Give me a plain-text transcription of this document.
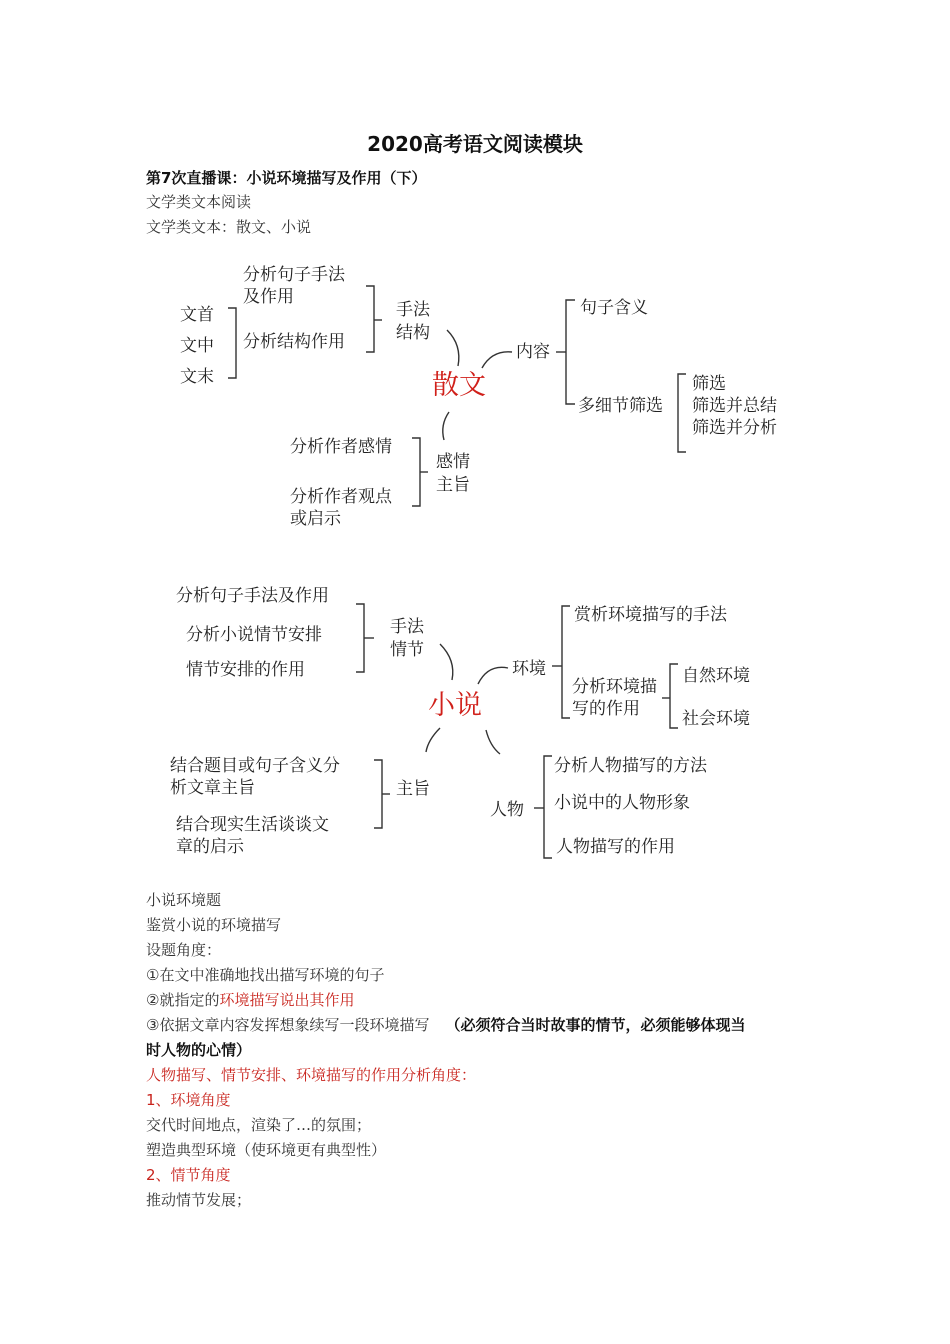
2020高考语文阅读模块
第7次直播课：小说环境描写及作用（下）
文学类文本阅读
文学类文本：散文、小说
文首
文中
文末
分析句子手法
及作用
分析结构作用
手法
结构
散文
内容
句子含义
多细节筛选
筛选
筛选并总结
筛选并分析
分析作者感情
分析作者观点
或启示
感情
主旨
分析句子手法及作用
分析小说情节安排
情节安排的作用
手法
情节
小说
环境
赏析环境描写的手法
分析环境描
写的作用
自然环境
社会环境
结合题目或句子含义分
析文章主旨
结合现实生活谈谈文
章的启示
主旨
人物
分析人物描写的方法
小说中的人物形象
人物描写的作用
小说环境题
鉴赏小说的环境描写
设题角度：
①在文中准确地找出描写环境的句子
②就指定的环境描写说出其作用
③依据文章内容发挥想象续写一段环境描写 （必须符合当时故事的情节，必须能够体现当
时人物的心情）
人物描写、情节安排、环境描写的作用分析角度：
1、环境角度
交代时间地点，渲染了…的氛围；
塑造典型环境（使环境更有典型性）
2、情节角度
推动情节发展；
